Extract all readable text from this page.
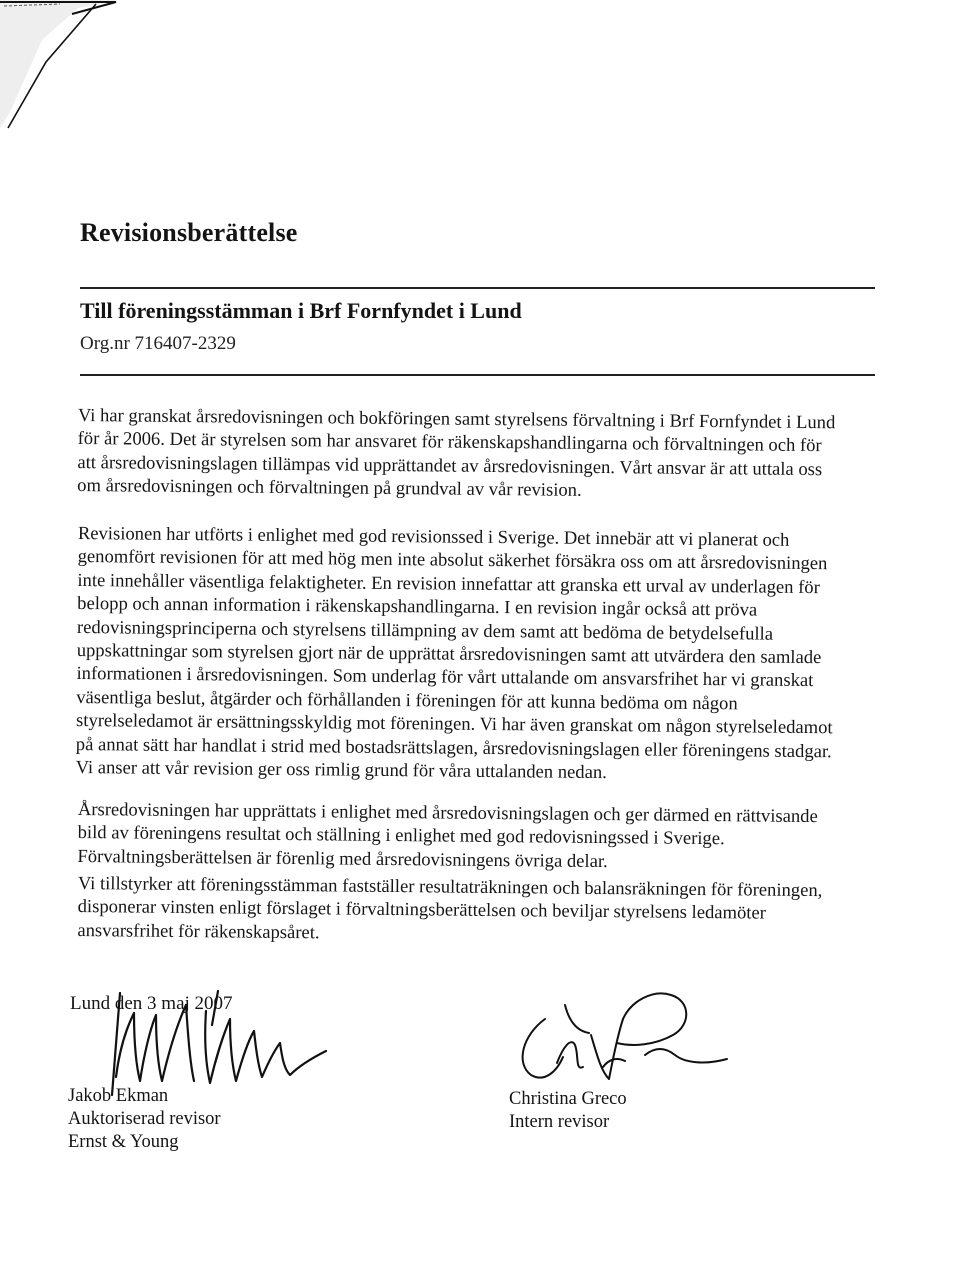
Revisionsberättelse
Till föreningsstämman i Brf Fornfyndet i Lund

Org.nr 716407-2329

Vi har granskat årsredovisningen och bokföringen samt styrelsens förvaltning i Brf Fornfyndet i Lund
för år 2006. Det är styrelsen som har ansvaret för räkenskapshandlingarna och förvaltningen och för
att årsredovisningslagen tillämpas vid upprättandet av årsredovisningen. Vårt ansvar är att uttala oss
om årsredovisningen och förvaltningen på grundval av vår revision.

Revisionen har utförts i enlighet med god revisionssed i Sverige. Det innebär att vi planerat och
genomfört revisionen för att med hög men inte absolut säkerhet försäkra oss om att årsredovisningen
inte innehåller väsentliga felaktigheter. En revision innefattar att granska ett urval av underlagen för
belopp och annan information i räkenskapshandlingarna. I en revision ingår också att pröva
redovisningsprinciperna och styrelsens tillämpning av dem samt att bedöma de betydelsefulla
uppskattningar som styrelsen gjort när de upprättat årsredovisningen samt att utvärdera den samlade
informationen i årsredovisningen. Som underlag för vårt uttalande om ansvarsfrihet har vi granskat
väsentliga beslut, åtgärder och förhållanden i föreningen för att kunna bedöma om någon
styrelseledamot är ersättningsskyldig mot föreningen. Vi har även granskat om någon styrelseledamot
på annat sätt har handlat i strid med bostadsrättslagen, årsredovisningslagen eller föreningens stadgar.
Vi anser att vår revision ger oss rimlig grund för våra uttalanden nedan.

Årsredovisningen har upprättats i enlighet med årsredovisningslagen och ger därmed en rättvisande
bild av föreningens resultat och ställning i enlighet med god redovisningssed i Sverige.
Förvaltningsberättelsen är förenlig med årsredovisningens övriga delar.

Vi tillstyrker att föreningsstämman fastställer resultaträkningen och balansräkningen för föreningen,
disponerar vinsten enligt förslaget i förvaltningsberättelsen och beviljar styrelsens ledamöter
ansvarsfrihet för räkenskapsåret.

Lund den 3 maj 2007

Jakob Ekman
Auktoriserad revisor
Ernst & Young
Christina Greco
Intern revisor
